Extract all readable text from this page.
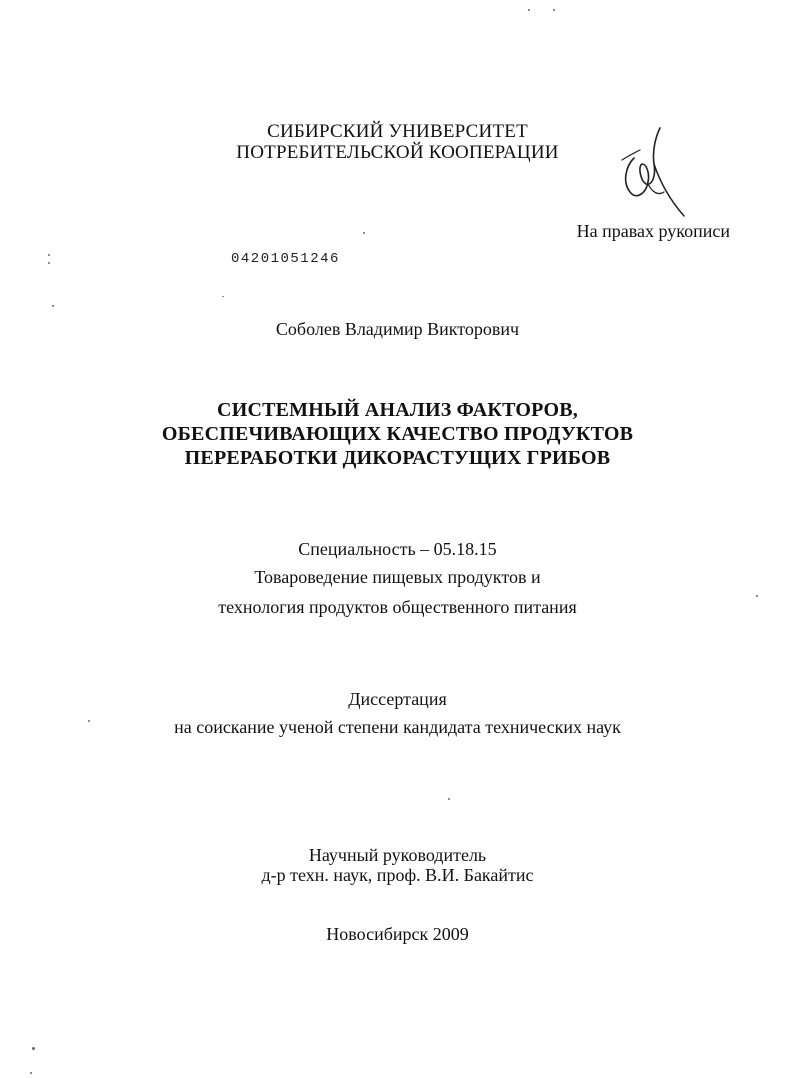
СИБИРСКИЙ УНИВЕРСИТЕТ
ПОТРЕБИТЕЛЬСКОЙ КООПЕРАЦИИ
На правах рукописи
04201051246
Соболев Владимир Викторович
СИСТЕМНЫЙ АНАЛИЗ ФАКТОРОВ,
ОБЕСПЕЧИВАЮЩИХ КАЧЕСТВО ПРОДУКТОВ
ПЕРЕРАБОТКИ ДИКОРАСТУЩИХ ГРИБОВ
Специальность – 05.18.15
Товароведение пищевых продуктов и
технология продуктов общественного питания
Диссертация
на соискание ученой степени кандидата технических наук
Научный руководитель
д-р техн. наук, проф. В.И. Бакайтис
Новосибирск 2009
